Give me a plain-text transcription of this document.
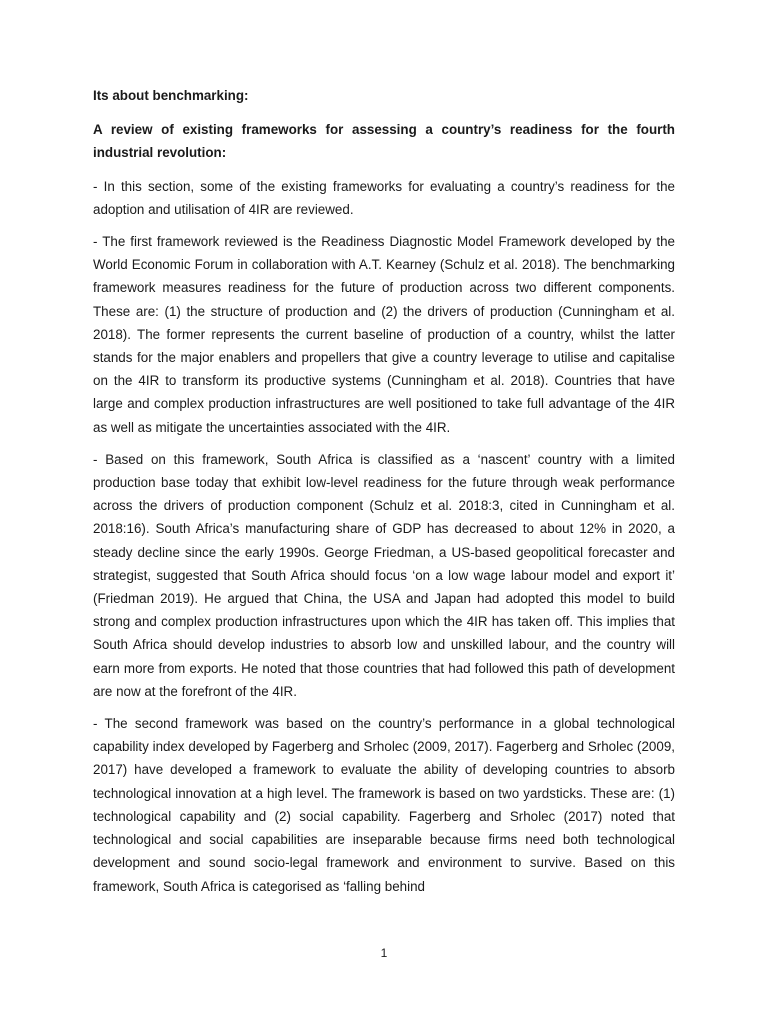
Its about benchmarking:

A review of existing frameworks for assessing a country’s readiness for the fourth industrial revolution:

- In this section, some of the existing frameworks for evaluating a country’s readiness for the adoption and utilisation of 4IR are reviewed.

- The first framework reviewed is the Readiness Diagnostic Model Framework developed by the World Economic Forum in collaboration with A.T. Kearney (Schulz et al. 2018). The benchmarking framework measures readiness for the future of production across two different components. These are: (1) the structure of production and (2) the drivers of production (Cunningham et al. 2018). The former represents the current baseline of production of a country, whilst the latter stands for the major enablers and propellers that give a country leverage to utilise and capitalise on the 4IR to transform its productive systems (Cunningham et al. 2018). Countries that have large and complex production infrastructures are well positioned to take full advantage of the 4IR as well as mitigate the uncertainties associated with the 4IR.

- Based on this framework, South Africa is classified as a ‘nascent’ country with a limited production base today that exhibit low-level readiness for the future through weak performance across the drivers of production component (Schulz et al. 2018:3, cited in Cunningham et al. 2018:16). South Africa’s manufacturing share of GDP has decreased to about 12% in 2020, a steady decline since the early 1990s. George Friedman, a US-based geopolitical forecaster and strategist, suggested that South Africa should focus ‘on a low wage labour model and export it’ (Friedman 2019). He argued that China, the USA and Japan had adopted this model to build strong and complex production infrastructures upon which the 4IR has taken off. This implies that South Africa should develop industries to absorb low and unskilled labour, and the country will earn more from exports. He noted that those countries that had followed this path of development are now at the forefront of the 4IR.

- The second framework was based on the country’s performance in a global technological capability index developed by Fagerberg and Srholec (2009, 2017). Fagerberg and Srholec (2009, 2017) have developed a framework to evaluate the ability of developing countries to absorb technological innovation at a high level. The framework is based on two yardsticks. These are: (1) technological capability and (2) social capability. Fagerberg and Srholec (2017) noted that technological and social capabilities are inseparable because firms need both technological development and sound socio-legal framework and environment to survive. Based on this framework, South Africa is categorised as ‘falling behind

1
